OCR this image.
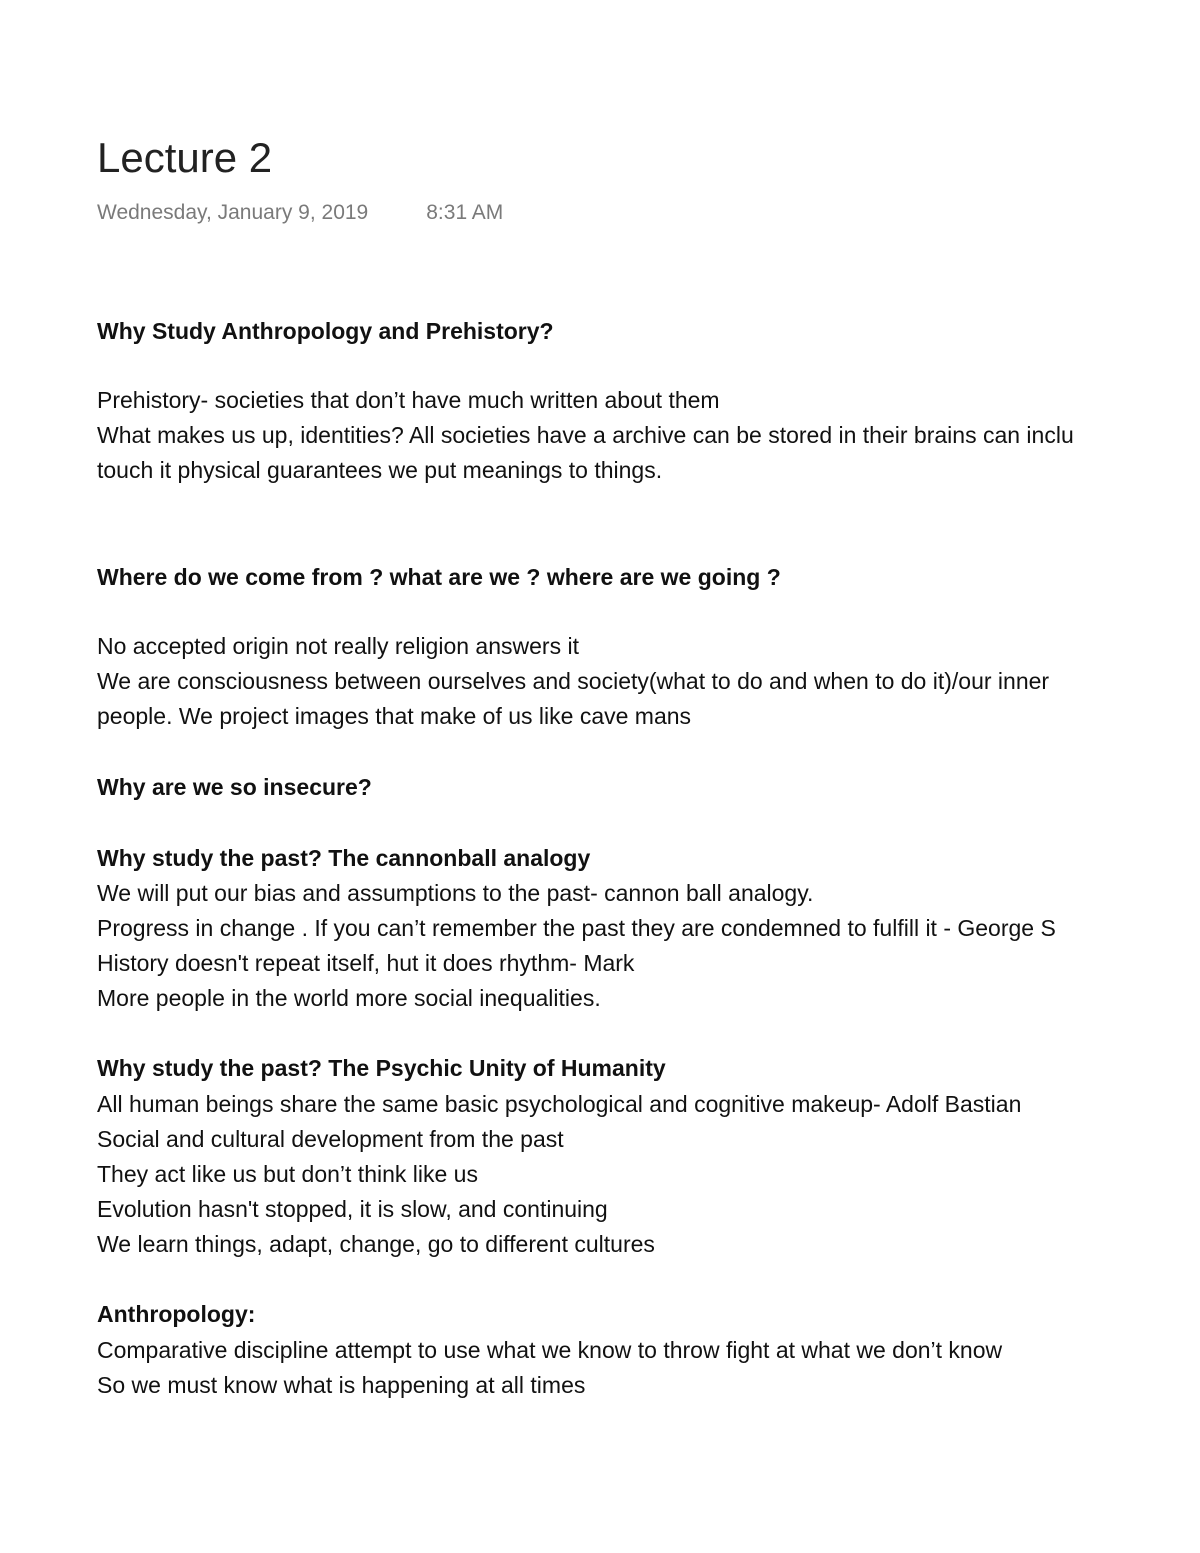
Lecture 2
Wednesday, January 9, 2019	8:31 AM
Why Study Anthropology and Prehistory?
Prehistory- societies that don’t have much written about them
What makes us up, identities? All societies have a archive can be stored in their brains can inclu
touch it physical guarantees we put meanings to things.
Where do we come from ? what are we ? where are we going ?
No accepted origin not really religion answers it
We are consciousness between ourselves and society(what to do and when to do it)/our inner
people. We project images that make of us like cave mans
Why are we so insecure?
Why study the past? The cannonball analogy
We will put our bias and assumptions to the past- cannon ball analogy.
Progress in change . If you can’t remember the past they are condemned to fulfill it - George S
History doesn't repeat itself, hut it does rhythm- Mark
More people in the world more social inequalities.
Why study the past? The Psychic Unity of Humanity
All human beings share the same basic psychological and cognitive makeup- Adolf Bastian
Social and cultural development from the past
They act like us but don’t think like us
Evolution hasn't stopped, it is slow, and continuing
We learn things, adapt, change, go to different cultures
Anthropology:
Comparative discipline attempt to use what we know to throw fight at what we don’t know
So we must know what is happening at all times
